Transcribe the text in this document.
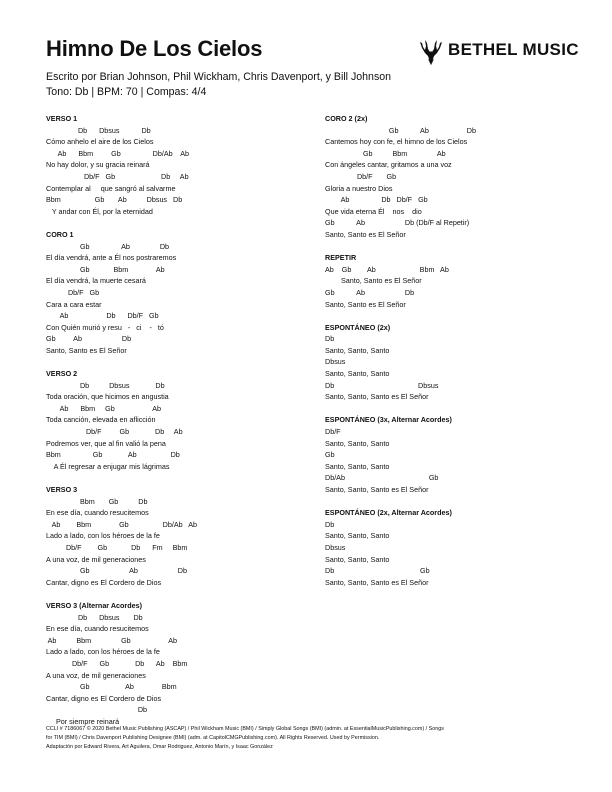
Himno De Los Cielos
Escrito por Brian Johnson, Phil Wickham, Chris Davenport, y Bill Johnson
Tono: Db | BPM: 70 | Compas: 4/4
BETHEL MUSIC
VERSO 1
Db      Dbsus           Db
Cómo anhelo el aire de los Cielos
Ab      Bbm         Gb                Db/Ab    Ab
No hay dolor, y su gracia reinará
Db/F   Gb                       Db     Ab
Contemplar al     que sangró al salvarme
Bbm                 Gb       Ab          Dbsus   Db
Y andar con Él, por la eternidad
CORO 1
Gb                Ab               Db
El día vendrá, ante a Él nos postraremos
Gb            Bbm              Ab
El día vendrá, la muerte cesará
Db/F   Gb
Cara a cara estar
Ab                   Db      Db/F   Gb
Con Quién murió y resu   -   ci    -   tó
Gb         Ab                    Db
Santo, Santo es El Señor
VERSO 2
Db          Dbsus             Db
Toda oración, que hicimos en angustia
Ab      Bbm     Gb                   Ab
Toda canción, elevada en aflicción
Db/F         Gb             Db     Ab
Podremos ver, que al fin valió la pena
Bbm                Gb             Ab                 Db
A Él regresar a enjugar mis lágrimas
VERSO 3
Bbm       Gb          Db
En ese día, cuando resucitemos
Ab        Bbm              Gb                 Db/Ab   Ab
Lado a lado, con los héroes de la fe
Db/F        Gb            Db      Fm     Bbm
A una voz, de mil generaciones
Gb                    Ab                    Db
Cantar, digno es El Cordero de Dios
VERSO 3 (Alternar Acordes)
Db      Dbsus       Db
En ese día, cuando resucitemos
Ab          Bbm               Gb                   Ab
Lado a lado, con los héroes de la fe
Db/F      Gb             Db      Ab    Bbm
A una voz, de mil generaciones
Gb                  Ab              Bbm
Cantar, digno es El Cordero de Dios
Db
Por siempre reinará
CORO 2 (2x)
Gb           Ab                   Db
Cantemos hoy con fe, el himno de los Cielos
Gb          Bbm               Ab
Con ángeles cantar, gritamos a una voz
Db/F       Gb
Gloria a nuestro Dios
Ab                Db   Db/F   Gb
Que vida eterna Él    nos    dio
Gb           Ab                    Db (Db/F al Repetir)
Santo, Santo es El Señor
REPETIR
Ab    Gb        Ab                      Bbm   Ab
Santo, Santo es El Señor
Gb           Ab                    Db
Santo, Santo es El Señor
ESPONTÁNEO (2x)
Db
Santo, Santo, Santo
Dbsus
Santo, Santo, Santo
Db                                          Dbsus
Santo, Santo, Santo es El Señor
ESPONTÁNEO (3x, Alternar Acordes)
Db/F
Santo, Santo, Santo
Gb
Santo, Santo, Santo
Db/Ab                                          Gb
Santo, Santo, Santo es El Señor
ESPONTÁNEO (2x, Alternar Acordes)
Db
Santo, Santo, Santo
Dbsus
Santo, Santo, Santo
Db                                           Gb
Santo, Santo, Santo es El Señor
CCLI # 7186067 © 2020 Bethel Music Publishing (ASCAP) / Phil Wickham Music (BMI) / Simply Global Songs (BMI) (admin. at EssentialMusicPublishing.com) / Songs
for TIM (BMI) / Chris Davenport Publishing Designee (BMI) (adm. at CapitolCMGPublishing.com). All Rights Reserved. Used by Permission.
Adaptación por Edward Rivera, Art Aguilera, Omar Rodriguez, Antonio Marín, y Isaac González
